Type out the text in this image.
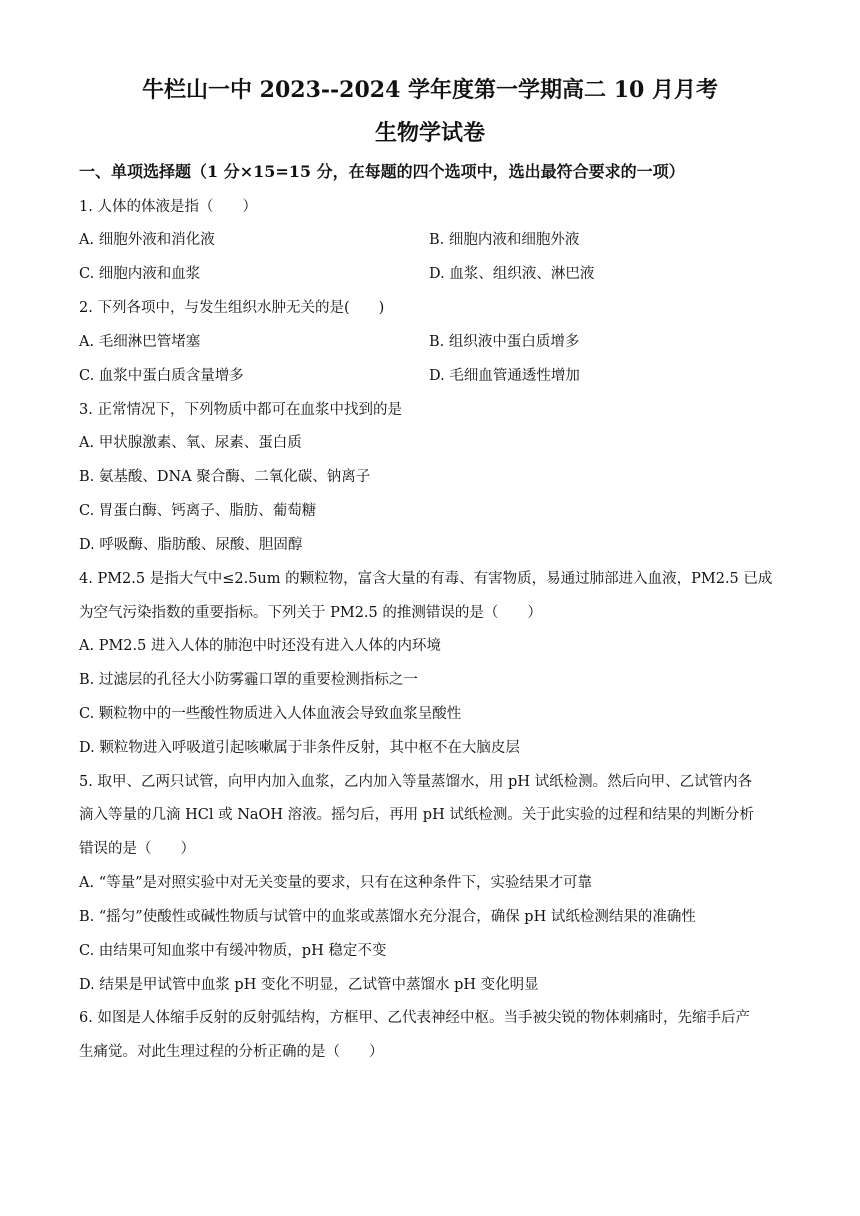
牛栏山一中 2023--2024 学年度第一学期高二 10 月月考
生物学试卷
一、单项选择题（1 分×15=15 分，在每题的四个选项中，选出最符合要求的一项）
1. 人体的体液是指（　　）
A. 细胞外液和消化液	B. 细胞内液和细胞外液
C. 细胞内液和血浆	D. 血浆、组织液、淋巴液
2. 下列各项中，与发生组织水肿无关的是(　　)
A. 毛细淋巴管堵塞	B. 组织液中蛋白质增多
C. 血浆中蛋白质含量增多	D. 毛细血管通透性增加
3. 正常情况下，下列物质中都可在血浆中找到的是
A. 甲状腺激素、氧、尿素、蛋白质
B. 氨基酸、DNA 聚合酶、二氧化碳、钠离子
C. 胃蛋白酶、钙离子、脂肪、葡萄糖
D. 呼吸酶、脂肪酸、尿酸、胆固醇
4. PM2.5 是指大气中≤2.5um 的颗粒物，富含大量的有毒、有害物质，易通过肺部进入血液，PM2.5 已成
为空气污染指数的重要指标。下列关于 PM2.5 的推测错误的是（　　）
A. PM2.5 进入人体的肺泡中时还没有进入人体的内环境
B. 过滤层的孔径大小防雾霾口罩的重要检测指标之一
C. 颗粒物中的一些酸性物质进入人体血液会导致血浆呈酸性
D. 颗粒物进入呼吸道引起咳嗽属于非条件反射，其中枢不在大脑皮层
5. 取甲、乙两只试管，向甲内加入血浆，乙内加入等量蒸馏水，用 pH 试纸检测。然后向甲、乙试管内各
滴入等量的几滴 HCl 或 NaOH 溶液。摇匀后，再用 pH 试纸检测。关于此实验的过程和结果的判断分析
错误的是（　　）
A. “等量”是对照实验中对无关变量的要求，只有在这种条件下，实验结果才可靠
B. “摇匀”使酸性或碱性物质与试管中的血浆或蒸馏水充分混合，确保 pH 试纸检测结果的准确性
C. 由结果可知血浆中有缓冲物质，pH 稳定不变
D. 结果是甲试管中血浆 pH 变化不明显，乙试管中蒸馏水 pH 变化明显
6. 如图是人体缩手反射的反射弧结构，方框甲、乙代表神经中枢。当手被尖锐的物体刺痛时，先缩手后产
生痛觉。对此生理过程的分析正确的是（　　）
